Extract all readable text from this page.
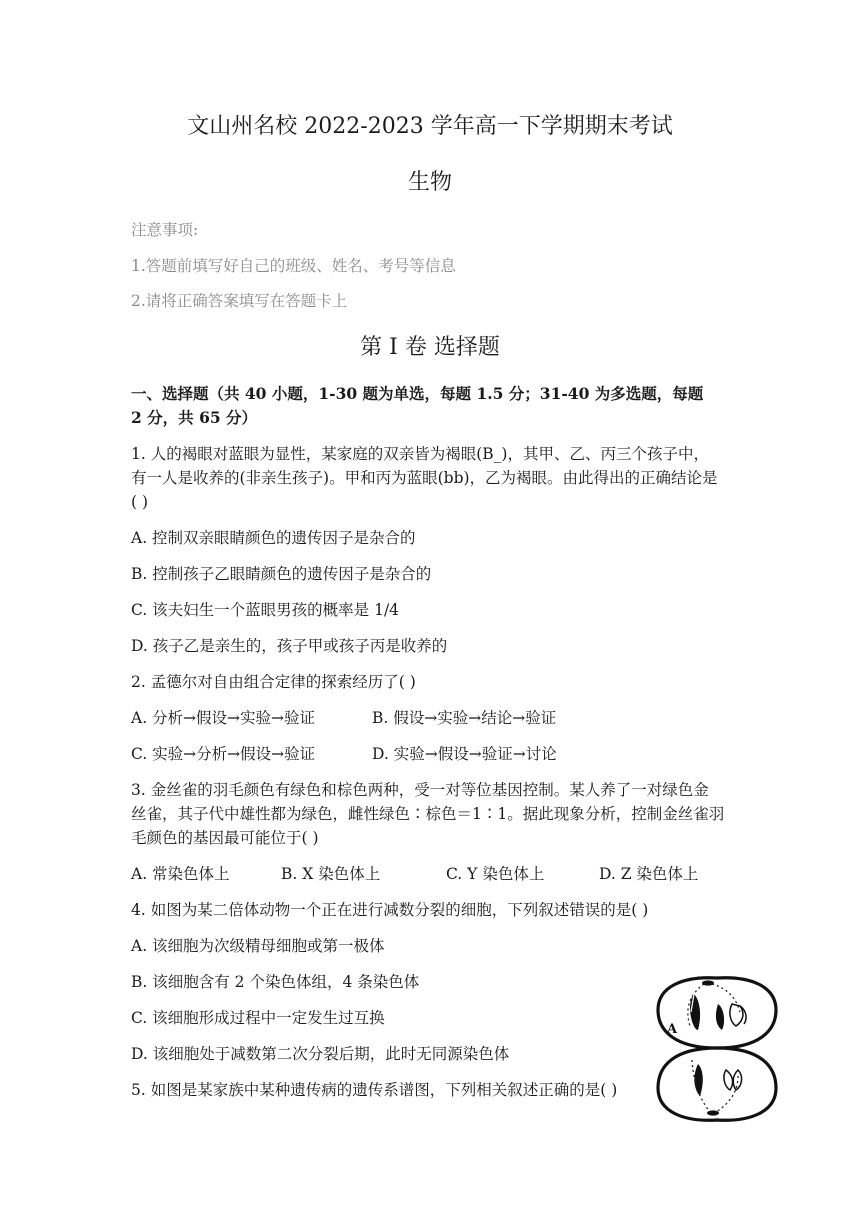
文山州名校 2022-2023 学年高一下学期期末考试
生物
注意事项:
1.答题前填写好自己的班级、姓名、考号等信息
2.请将正确答案填写在答题卡上
第 I 卷 选择题
一、选择题（共 40 小题，1-30 题为单选，每题 1.5 分；31-40 为多选题，每题
2 分，共 65 分）
1. 人的褐眼对蓝眼为显性，某家庭的双亲皆为褐眼(B_)，其甲、乙、丙三个孩子中，
有一人是收养的(非亲生孩子)。甲和丙为蓝眼(bb)，乙为褐眼。由此得出的正确结论是
( )
A. 控制双亲眼睛颜色的遗传因子是杂合的
B. 控制孩子乙眼睛颜色的遗传因子是杂合的
C. 该夫妇生一个蓝眼男孩的概率是 1/4
D. 孩子乙是亲生的，孩子甲或孩子丙是收养的
2. 孟德尔对自由组合定律的探索经历了( )
A. 分析→假设→实验→验证	B. 假设→实验→结论→验证
C. 实验→分析→假设→验证	D. 实验→假设→验证→讨论
3. 金丝雀的羽毛颜色有绿色和棕色两种，受一对等位基因控制。某人养了一对绿色金
丝雀，其子代中雄性都为绿色，雌性绿色∶棕色＝1∶1。据此现象分析，控制金丝雀羽
毛颜色的基因最可能位于( )
A. 常染色体上	B. X 染色体上	C. Y 染色体上	D. Z 染色体上
4. 如图为某二倍体动物一个正在进行减数分裂的细胞，下列叙述错误的是( )
A. 该细胞为次级精母细胞或第一极体
B. 该细胞含有 2 个染色体组，4 条染色体
C. 该细胞形成过程中一定发生过互换
D. 该细胞处于减数第二次分裂后期，此时无同源染色体
5. 如图是某家族中某种遗传病的遗传系谱图，下列相关叙述正确的是( )
A
